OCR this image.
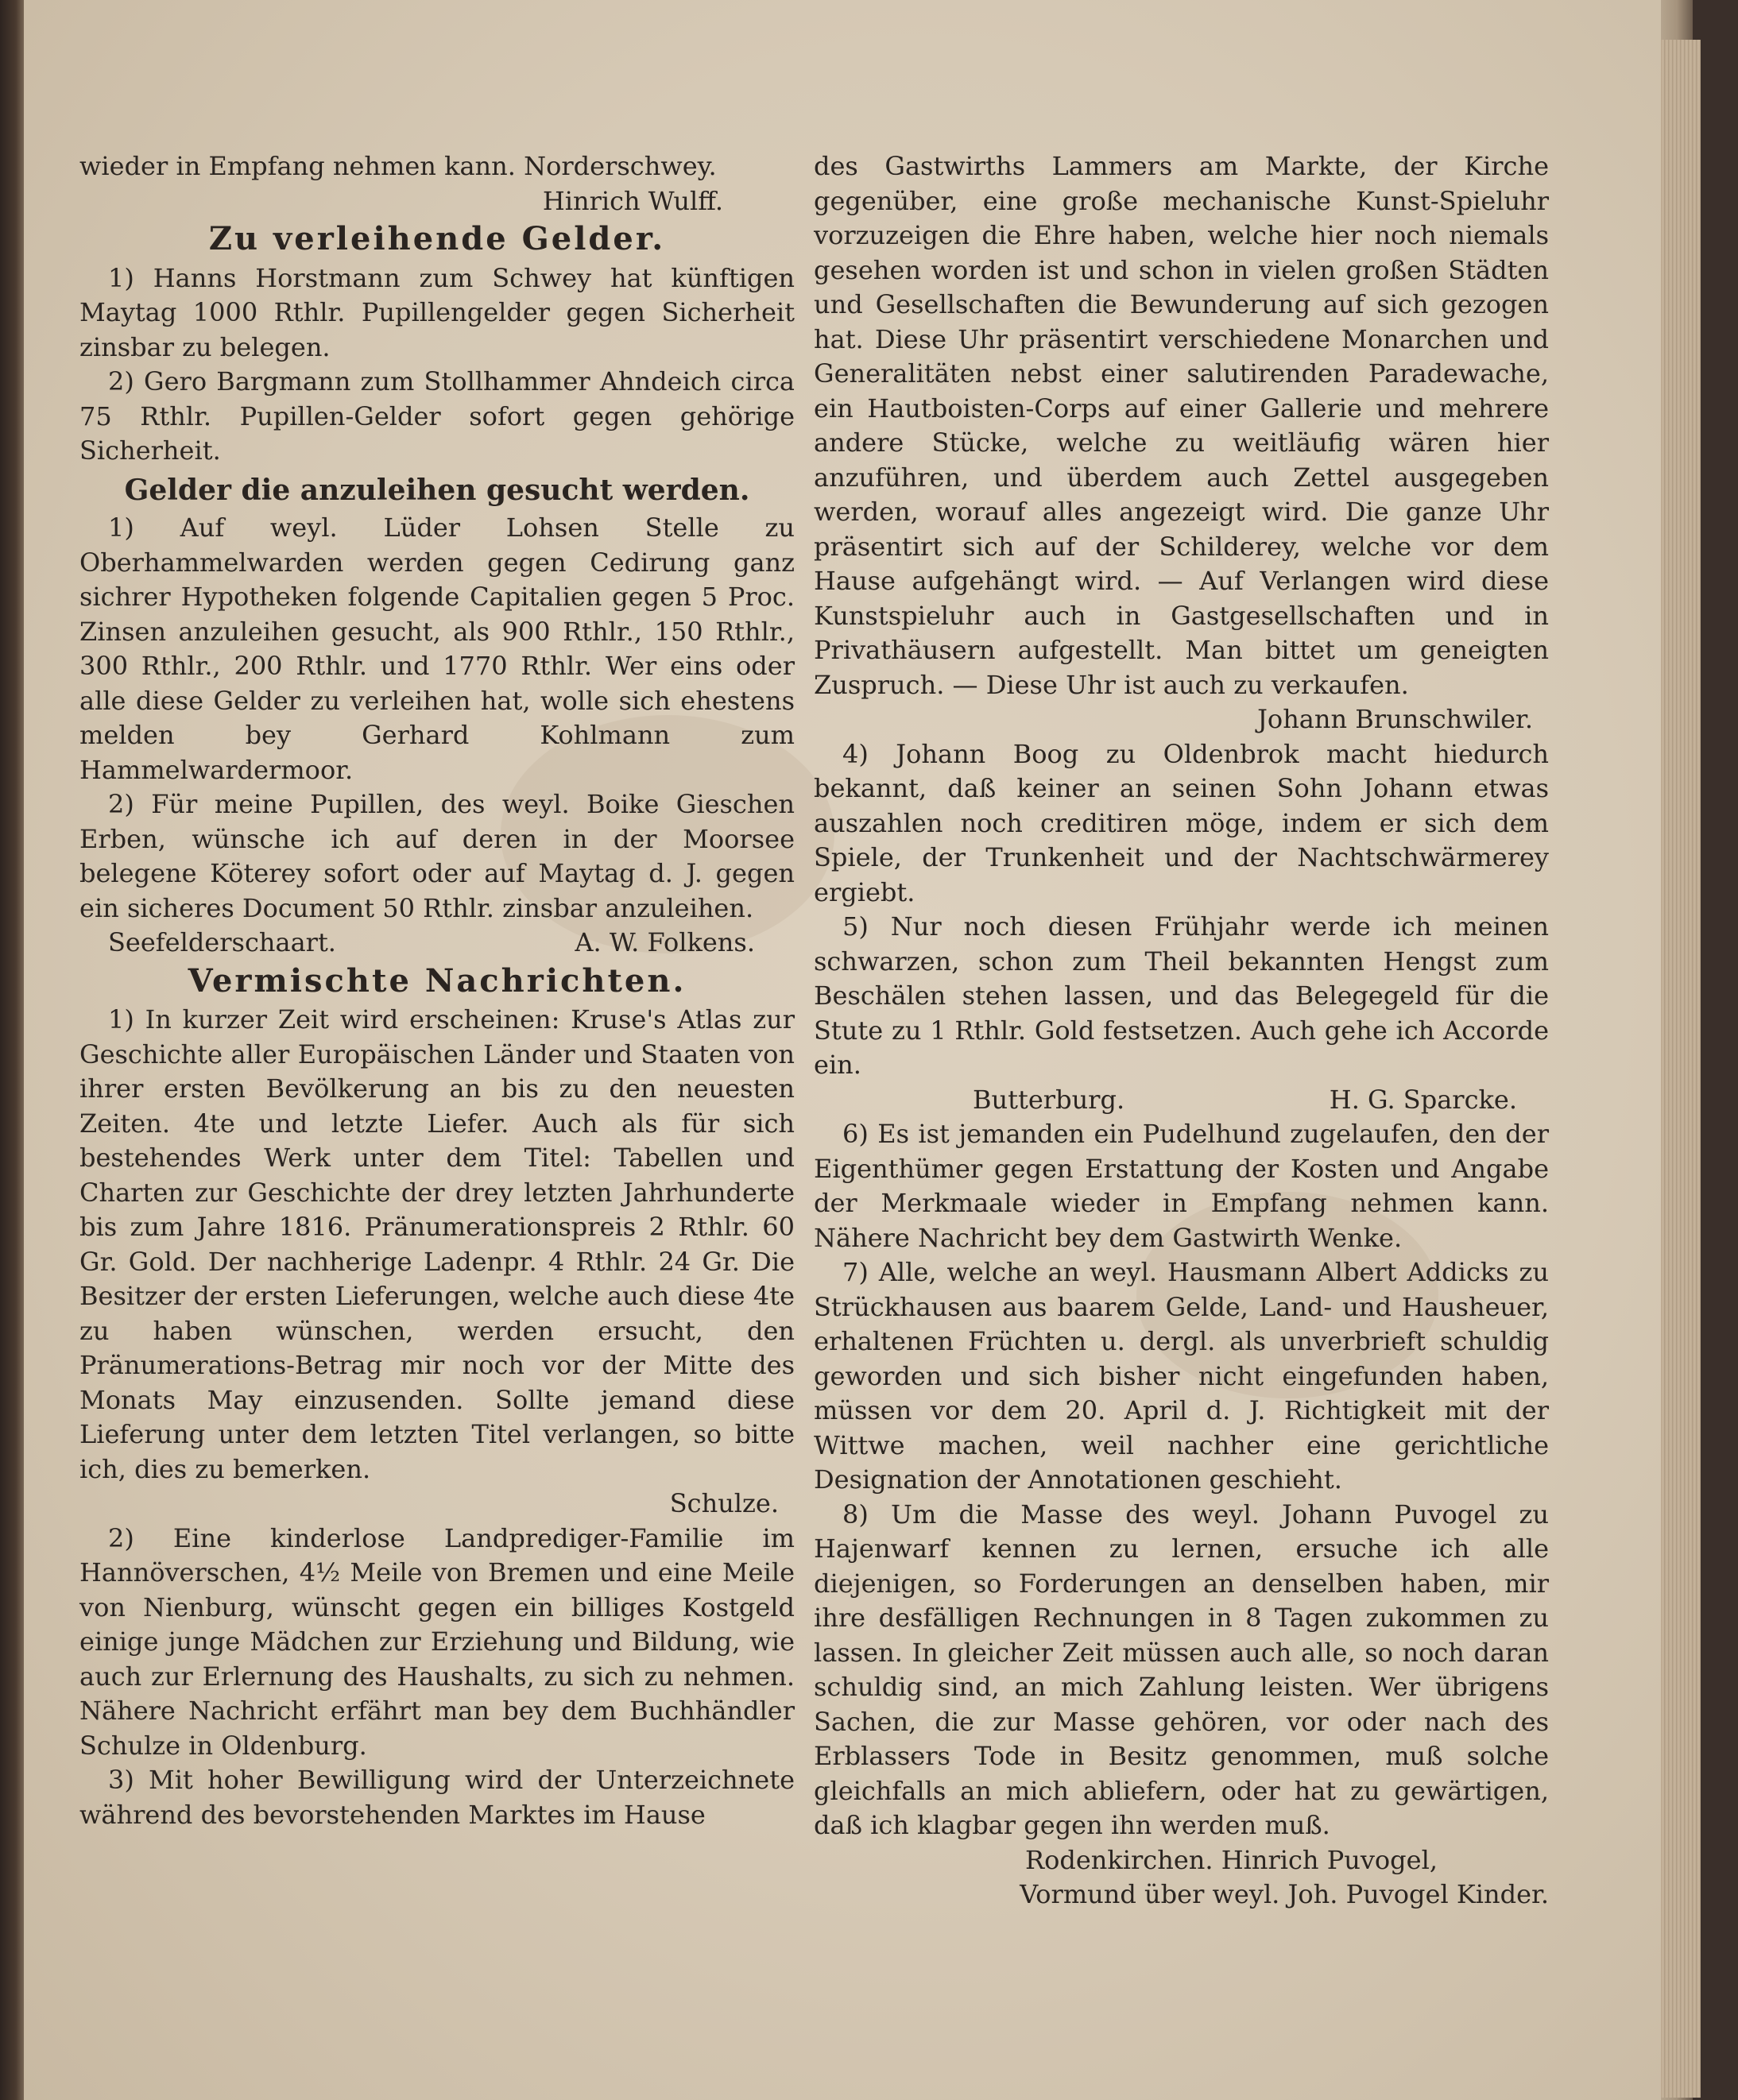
wieder in Empfang nehmen kann. Norderschwey.

Hinrich Wulff.

Zu verleihende Gelder.

1) Hanns Horstmann zum Schwey hat künftigen Maytag 1000 Rthlr. Pupillengelder gegen Sicherheit zinsbar zu belegen.

2) Gero Bargmann zum Stollhammer Ahndeich circa 75 Rthlr. Pupillen-Gelder sofort gegen gehörige Sicherheit.

Gelder die anzuleihen gesucht werden.

1) Auf weyl. Lüder Lohsen Stelle zu Oberhammelwarden werden gegen Cedirung ganz sichrer Hypotheken folgende Capitalien gegen 5 Proc. Zinsen anzuleihen gesucht, als 900 Rthlr., 150 Rthlr., 300 Rthlr., 200 Rthlr. und 1770 Rthlr. Wer eins oder alle diese Gelder zu verleihen hat, wolle sich ehestens melden bey Gerhard Kohlmann zum Hammelwardermoor.

2) Für meine Pupillen, des weyl. Boike Gieschen Erben, wünsche ich auf deren in der Moorsee belegene Köterey sofort oder auf Maytag d. J. gegen ein sicheres Document 50 Rthlr. zinsbar anzuleihen.

Seefelderschaart.	A. W. Folkens.
Vermischte Nachrichten.

1) In kurzer Zeit wird erscheinen: Kruse's Atlas zur Geschichte aller Europäischen Länder und Staaten von ihrer ersten Bevölkerung an bis zu den neuesten Zeiten. 4te und letzte Liefer. Auch als für sich bestehendes Werk unter dem Titel: Tabellen und Charten zur Geschichte der drey letzten Jahrhunderte bis zum Jahre 1816. Pränumerationspreis 2 Rthlr. 60 Gr. Gold. Der nachherige Ladenpr. 4 Rthlr. 24 Gr. Die Besitzer der ersten Lieferungen, welche auch diese 4te zu haben wünschen, werden ersucht, den Pränumerations-Betrag mir noch vor der Mitte des Monats May einzusenden. Sollte jemand diese Lieferung unter dem letzten Titel verlangen, so bitte ich, dies zu bemerken.

Schulze.

2) Eine kinderlose Landprediger-Familie im Hannöverschen, 4½ Meile von Bremen und eine Meile von Nienburg, wünscht gegen ein billiges Kostgeld einige junge Mädchen zur Erziehung und Bildung, wie auch zur Erlernung des Haushalts, zu sich zu nehmen. Nähere Nachricht erfährt man bey dem Buchhändler Schulze in Oldenburg.

3) Mit hoher Bewilligung wird der Unterzeichnete während des bevorstehenden Marktes im Hause

des Gastwirths Lammers am Markte, der Kirche gegenüber, eine große mechanische Kunst-Spieluhr vorzuzeigen die Ehre haben, welche hier noch niemals gesehen worden ist und schon in vielen großen Städten und Gesellschaften die Bewunderung auf sich gezogen hat. Diese Uhr präsentirt verschiedene Monarchen und Generalitäten nebst einer salutirenden Paradewache, ein Hautboisten-Corps auf einer Gallerie und mehrere andere Stücke, welche zu weitläufig wären hier anzuführen, und überdem auch Zettel ausgegeben werden, worauf alles angezeigt wird. Die ganze Uhr präsentirt sich auf der Schilderey, welche vor dem Hause aufgehängt wird. — Auf Verlangen wird diese Kunstspieluhr auch in Gastgesellschaften und in Privathäusern aufgestellt. Man bittet um geneigten Zuspruch. — Diese Uhr ist auch zu verkaufen.

Johann Brunschwiler.

4) Johann Boog zu Oldenbrok macht hiedurch bekannt, daß keiner an seinen Sohn Johann etwas auszahlen noch creditiren möge, indem er sich dem Spiele, der Trunkenheit und der Nachtschwärmerey ergiebt.

5) Nur noch diesen Frühjahr werde ich meinen schwarzen, schon zum Theil bekannten Hengst zum Beschälen stehen lassen, und das Belegegeld für die Stute zu 1 Rthlr. Gold festsetzen. Auch gehe ich Accorde ein.

Butterburg.	H. G. Sparcke.

6) Es ist jemanden ein Pudelhund zugelaufen, den der Eigenthümer gegen Erstattung der Kosten und Angabe der Merkmaale wieder in Empfang nehmen kann. Nähere Nachricht bey dem Gastwirth Wenke.

7) Alle, welche an weyl. Hausmann Albert Addicks zu Strückhausen aus baarem Gelde, Land- und Hausheuer, erhaltenen Früchten u. dergl. als unverbrieft schuldig geworden und sich bisher nicht eingefunden haben, müssen vor dem 20. April d. J. Richtigkeit mit der Wittwe machen, weil nachher eine gerichtliche Designation der Annotationen geschieht.

8) Um die Masse des weyl. Johann Puvogel zu Hajenwarf kennen zu lernen, ersuche ich alle diejenigen, so Forderungen an denselben haben, mir ihre desfälligen Rechnungen in 8 Tagen zukommen zu lassen. In gleicher Zeit müssen auch alle, so noch daran schuldig sind, an mich Zahlung leisten. Wer übrigens Sachen, die zur Masse gehören, vor oder nach des Erblassers Tode in Besitz genommen, muß solche gleichfalls an mich abliefern, oder hat zu gewärtigen, daß ich klagbar gegen ihn werden muß.

Rodenkirchen. Hinrich Puvogel,

Vormund über weyl. Joh. Puvogel Kinder.
